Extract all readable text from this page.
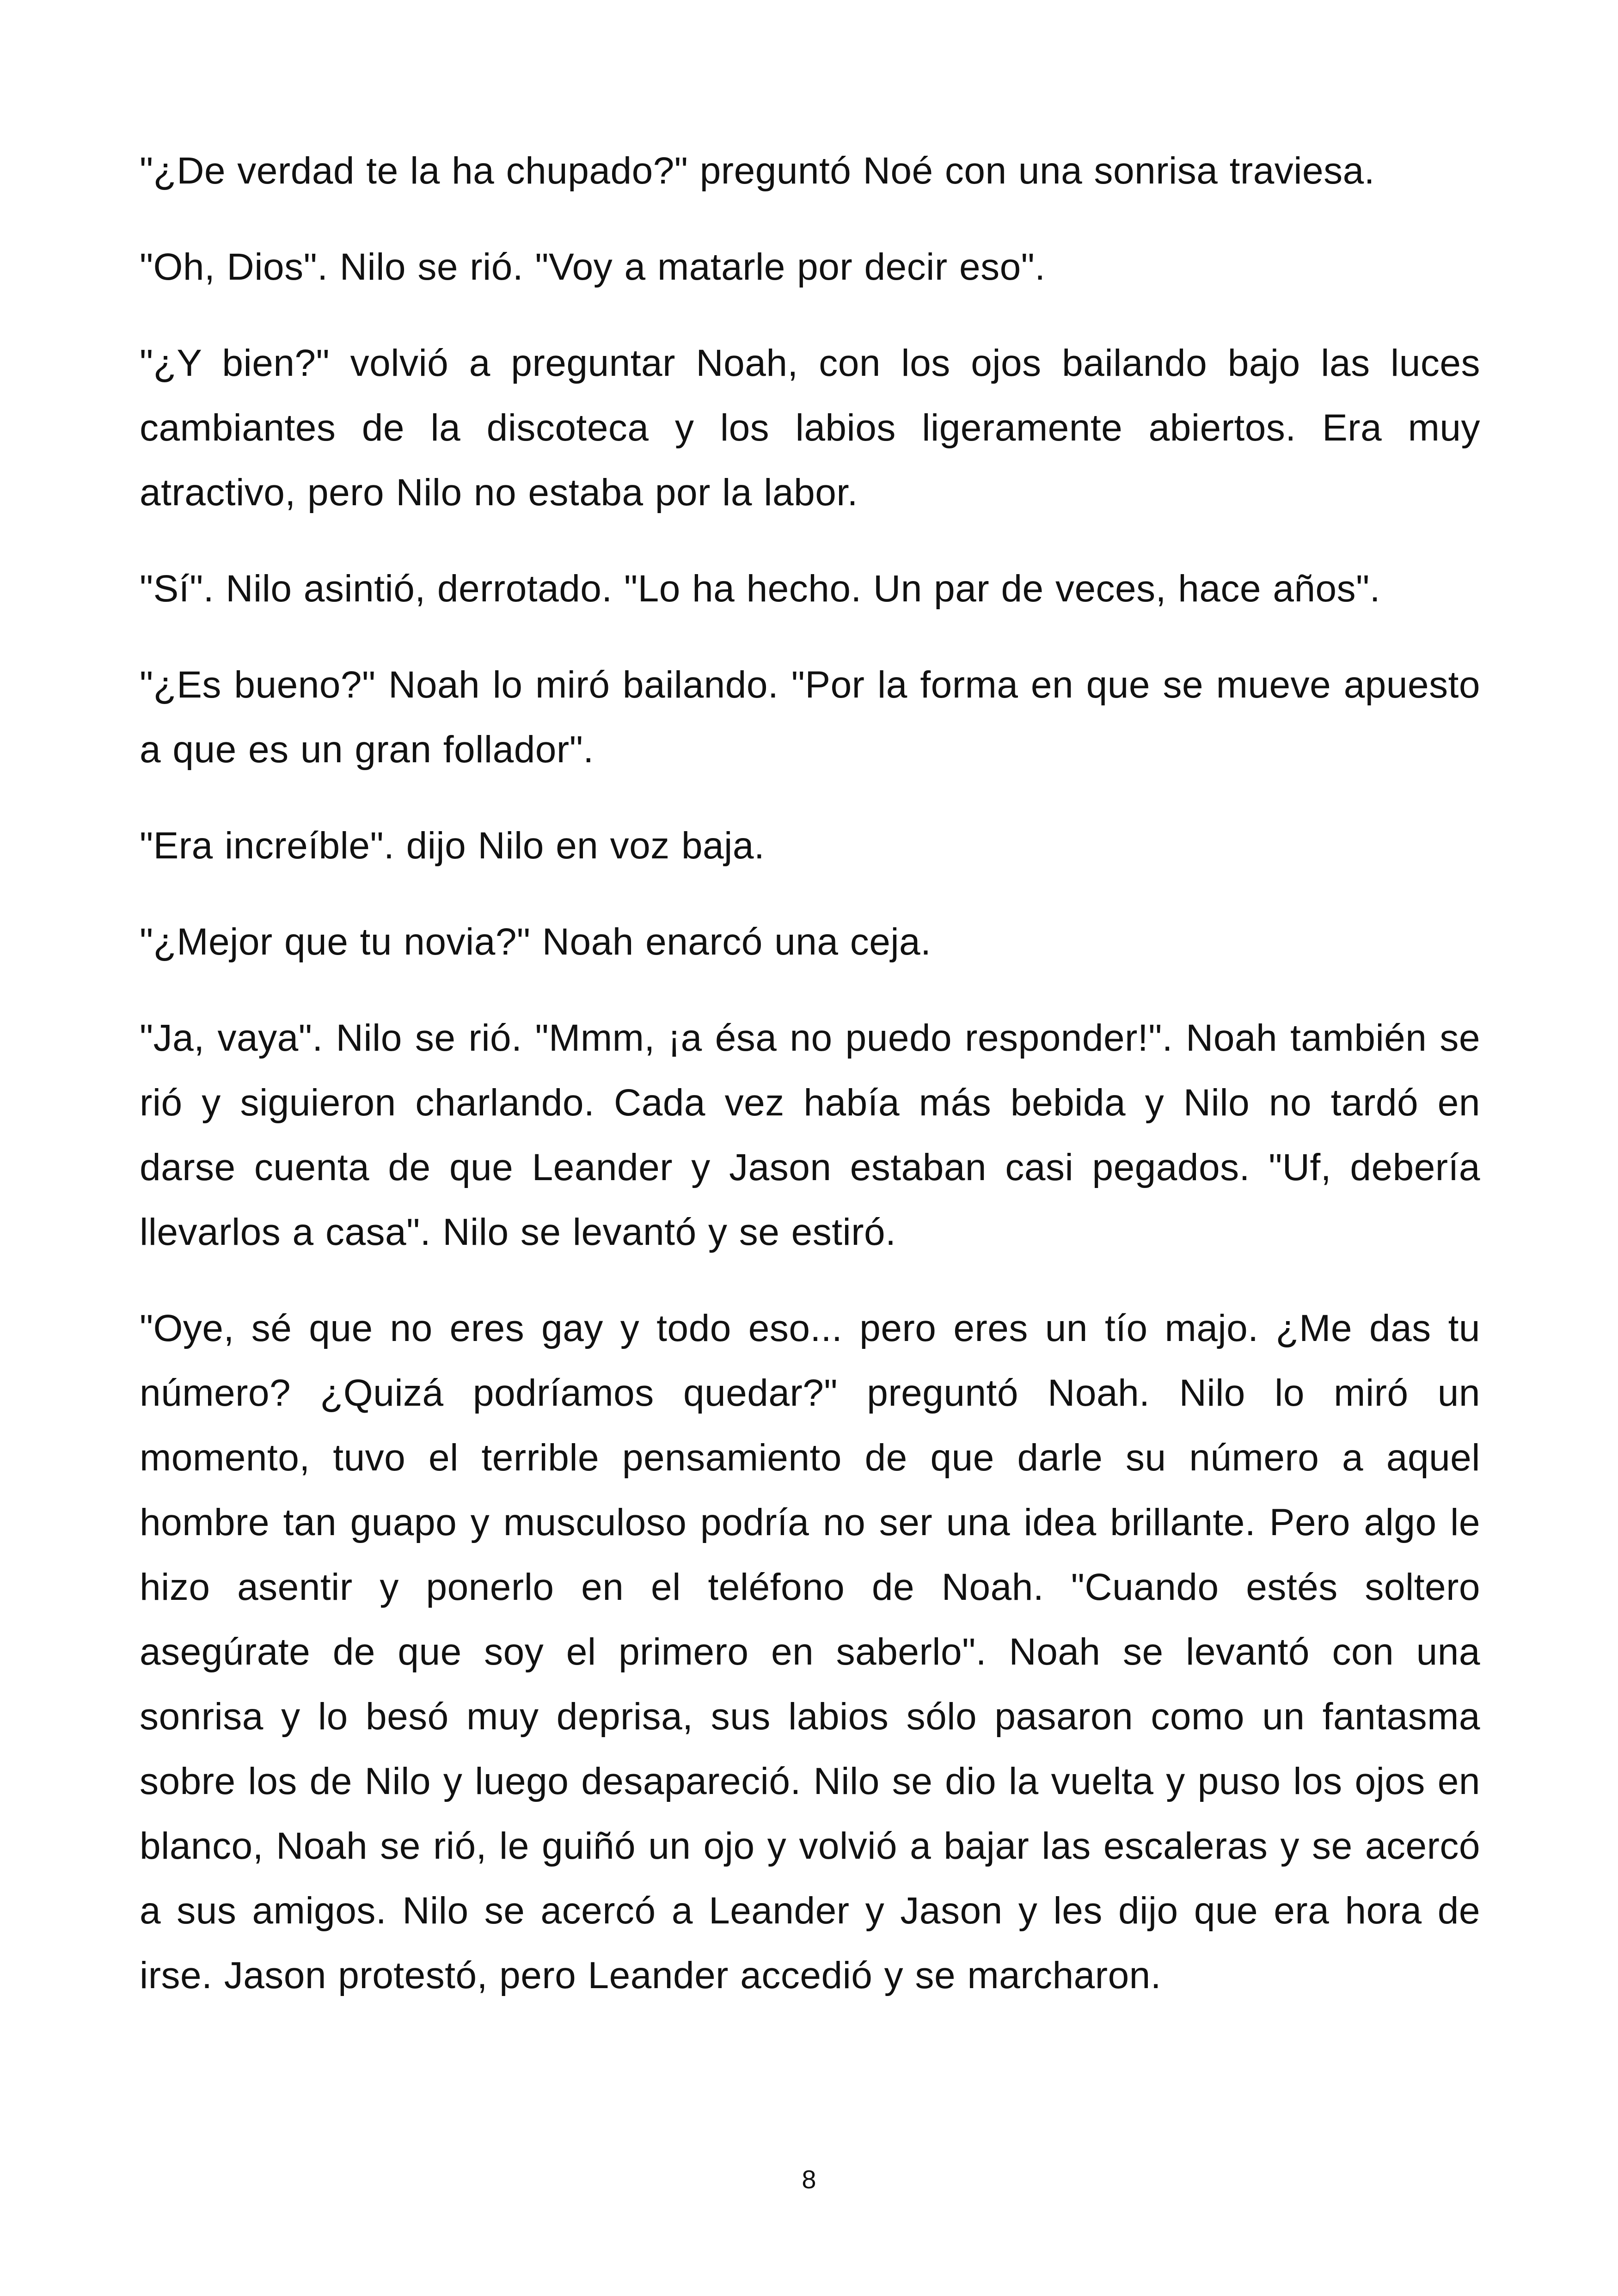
"¿De verdad te la ha chupado?" preguntó Noé con una sonrisa traviesa.

"Oh, Dios". Nilo se rió. "Voy a matarle por decir eso".

"¿Y bien?" volvió a preguntar Noah, con los ojos bailando bajo las luces cambiantes de la discoteca y los labios ligeramente abiertos. Era muy atractivo, pero Nilo no estaba por la labor.

"Sí". Nilo asintió, derrotado. "Lo ha hecho. Un par de veces, hace años".

"¿Es bueno?" Noah lo miró bailando. "Por la forma en que se mueve apuesto a que es un gran follador".

"Era increíble". dijo Nilo en voz baja.

"¿Mejor que tu novia?" Noah enarcó una ceja.

"Ja, vaya". Nilo se rió. "Mmm, ¡a ésa no puedo responder!". Noah también se rió y siguieron charlando. Cada vez había más bebida y Nilo no tardó en darse cuenta de que Leander y Jason estaban casi pegados. "Uf, debería llevarlos a casa". Nilo se levantó y se estiró.

"Oye, sé que no eres gay y todo eso... pero eres un tío majo. ¿Me das tu número? ¿Quizá podríamos quedar?" preguntó Noah. Nilo lo miró un momento, tuvo el terrible pensamiento de que darle su número a aquel hombre tan guapo y musculoso podría no ser una idea brillante. Pero algo le hizo asentir y ponerlo en el teléfono de Noah. "Cuando estés soltero asegúrate de que soy el primero en saberlo". Noah se levantó con una sonrisa y lo besó muy deprisa, sus labios sólo pasaron como un fantasma sobre los de Nilo y luego desapareció. Nilo se dio la vuelta y puso los ojos en blanco, Noah se rió, le guiñó un ojo y volvió a bajar las escaleras y se acercó a sus amigos. Nilo se acercó a Leander y Jason y les dijo que era hora de irse. Jason protestó, pero Leander accedió y se marcharon.

8
